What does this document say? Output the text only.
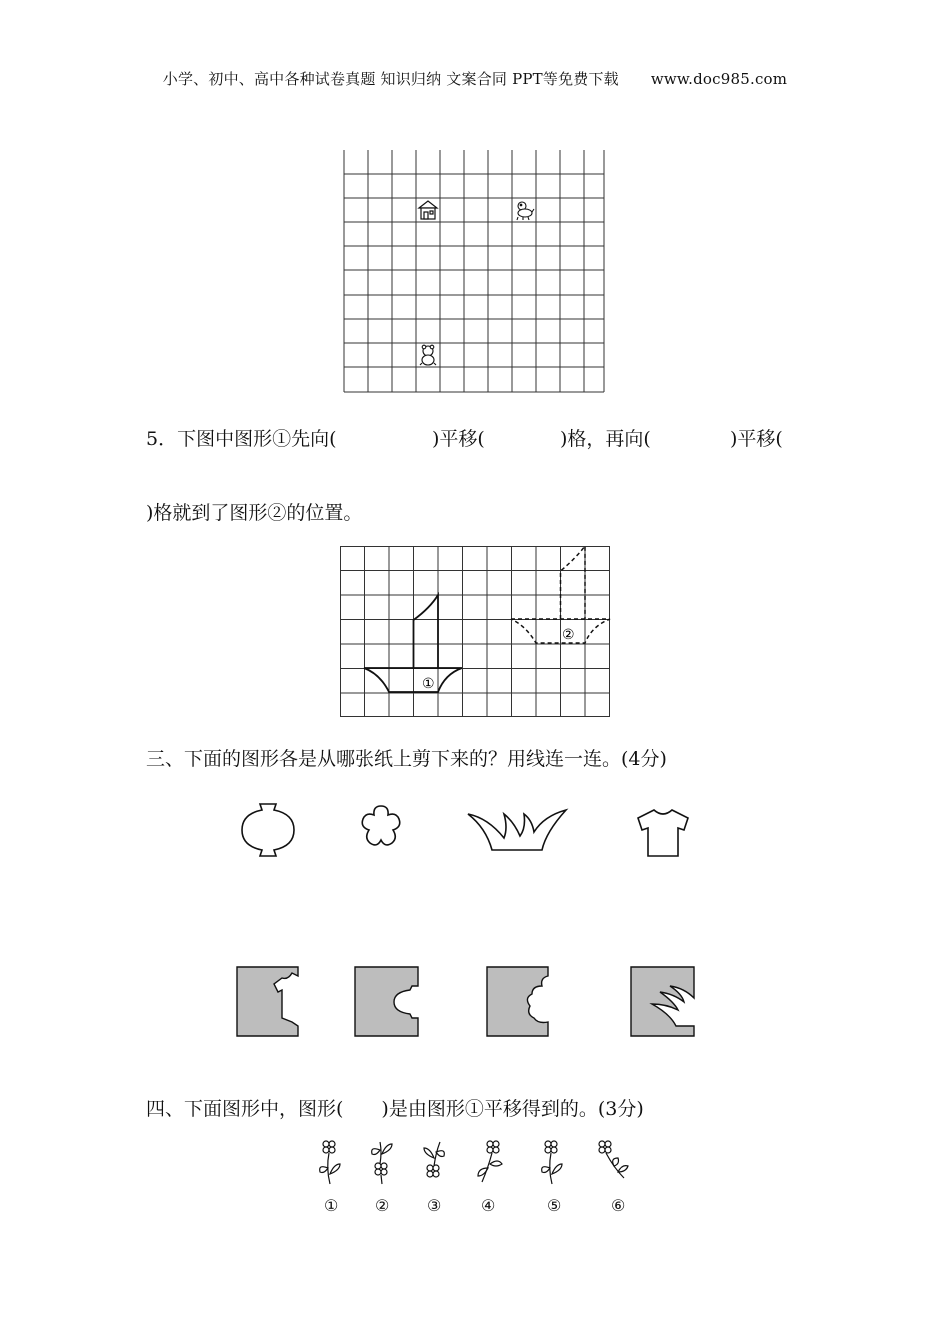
小学、初中、高中各种试卷真题 知识归纳 文案合同 PPT等免费下载 www.doc985.com
5．下图中图形①先向(	)平移(	)格，再向(	)平移(
)格就到了图形②的位置。
①
②
三、下面的图形各是从哪张纸上剪下来的？用线连一连。(4分)
四、下面图形中，图形(　　)是由图形①平移得到的。(3分)
① ② ③ ④	⑤	⑥
